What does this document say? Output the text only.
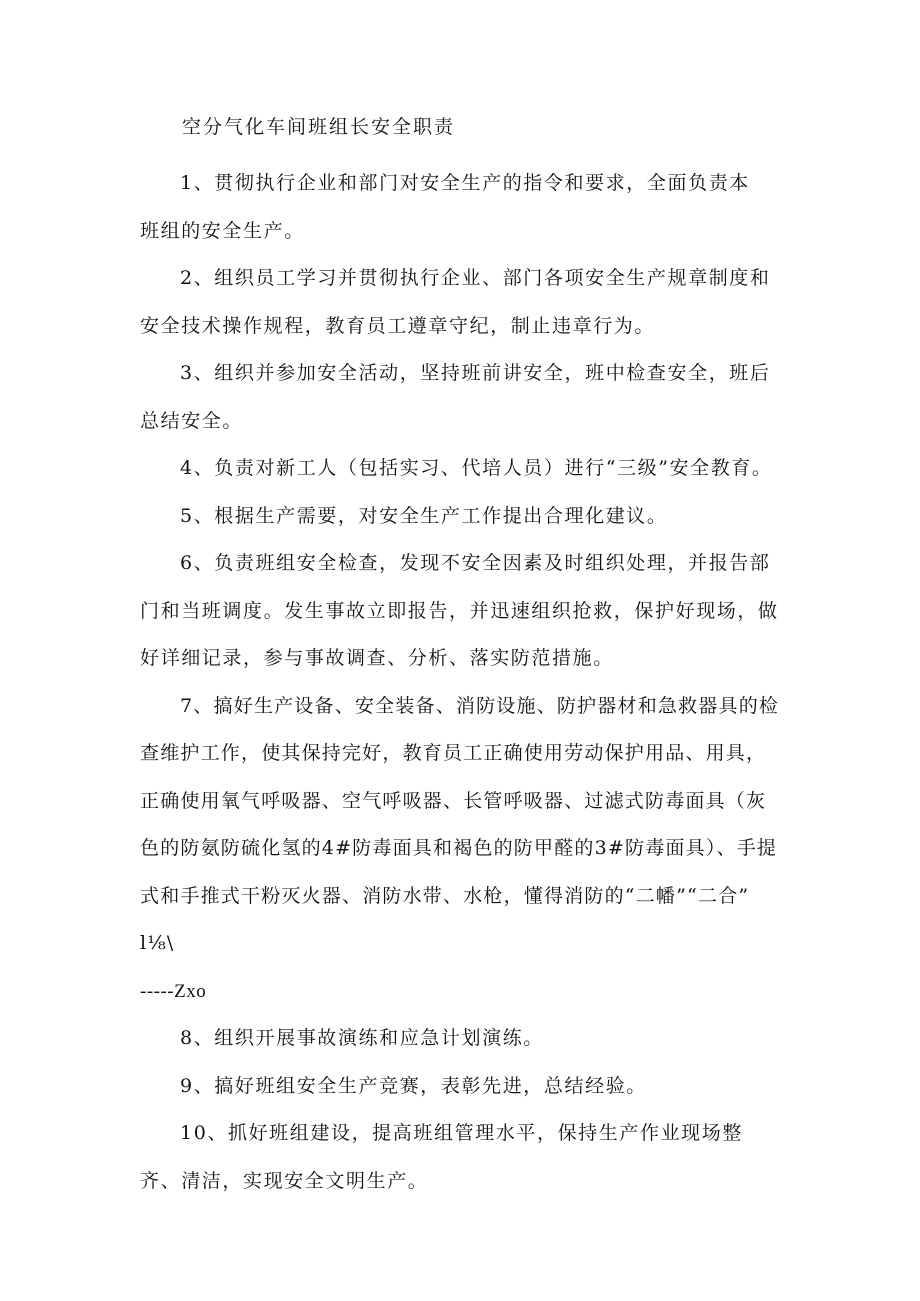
空分气化车间班组长安全职责

1、贯彻执行企业和部门对安全生产的指令和要求，全面负责本

班组的安全生产。

2、组织员工学习并贯彻执行企业、部门各项安全生产规章制度和安全技术操作规程，教育员工遵章守纪，制止违章行为。

3、组织并参加安全活动，坚持班前讲安全，班中检查安全，班后总结安全。

4、负责对新工人（包括实习、代培人员）进行“三级”安全教育。

5、根据生产需要，对安全生产工作提出合理化建议。

6、负责班组安全检查，发现不安全因素及时组织处理，并报告部门和当班调度。发生事故立即报告，并迅速组织抢救，保护好现场，做好详细记录，参与事故调查、分析、落实防范措施。

7、搞好生产设备、安全装备、消防设施、防护器材和急救器具的检查维护工作，使其保持完好，教育员工正确使用劳动保护用品、用具，正确使用氧气呼吸器、空气呼吸器、长管呼吸器、过滤式防毒面具（灰色的防氨防硫化氢的4#防毒面具和褐色的防甲醛的3#防毒面具）、手提式和手推式干粉灭火器、消防水带、水枪，懂得消防的“二幡”“二合”　　l⅛\

-----Zxo

8、组织开展事故演练和应急计划演练。

9、搞好班组安全生产竞赛，表彰先进，总结经验。

10、抓好班组建设，提高班组管理水平，保持生产作业现场整齐、清洁，实现安全文明生产。
